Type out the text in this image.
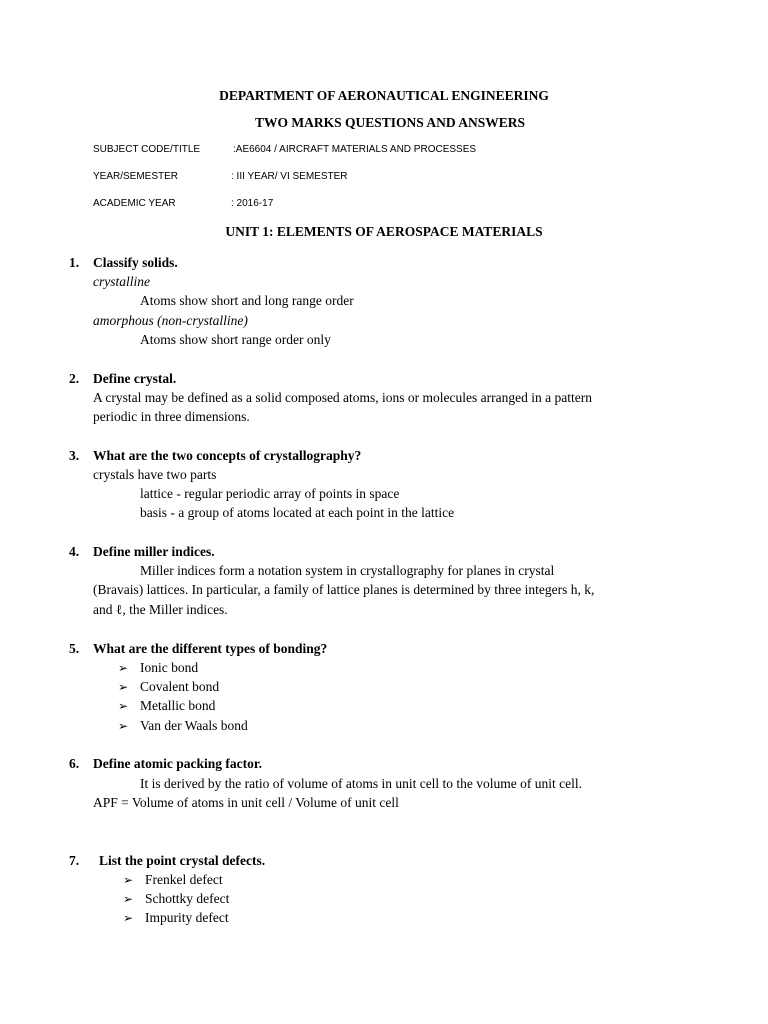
DEPARTMENT OF AERONAUTICAL ENGINEERING
TWO MARKS QUESTIONS AND ANSWERS
SUBJECT CODE/TITLE	:AE6604 / AIRCRAFT MATERIALS AND PROCESSES
YEAR/SEMESTER	: III YEAR/ VI SEMESTER
ACADEMIC YEAR	: 2016-17
UNIT 1: ELEMENTS OF AEROSPACE MATERIALS
1. Classify solids.
crystalline
Atoms show short and long range order
amorphous (non-crystalline)
Atoms show short range order only
2. Define crystal.
A crystal may be defined as a solid composed atoms, ions or molecules arranged in a pattern
periodic in three dimensions.
3. What are the two concepts of crystallography?
crystals have two parts
lattice - regular periodic array of points in space
basis - a group of atoms located at each point in the lattice
4. Define miller indices.
Miller indices form a notation system in crystallography for planes in crystal
(Bravais) lattices. In particular, a family of lattice planes is determined by three integers h, k,
and ℓ, the Miller indices.
5. What are the different types of bonding?
➢ Ionic bond
➢ Covalent bond
➢ Metallic bond
➢ Van der Waals bond
6. Define atomic packing factor.
It is derived by the ratio of volume of atoms in unit cell to the volume of unit cell.
APF = Volume of atoms in unit cell / Volume of unit cell
7. List the point crystal defects.
➢ Frenkel defect
➢ Schottky defect
➢ Impurity defect
